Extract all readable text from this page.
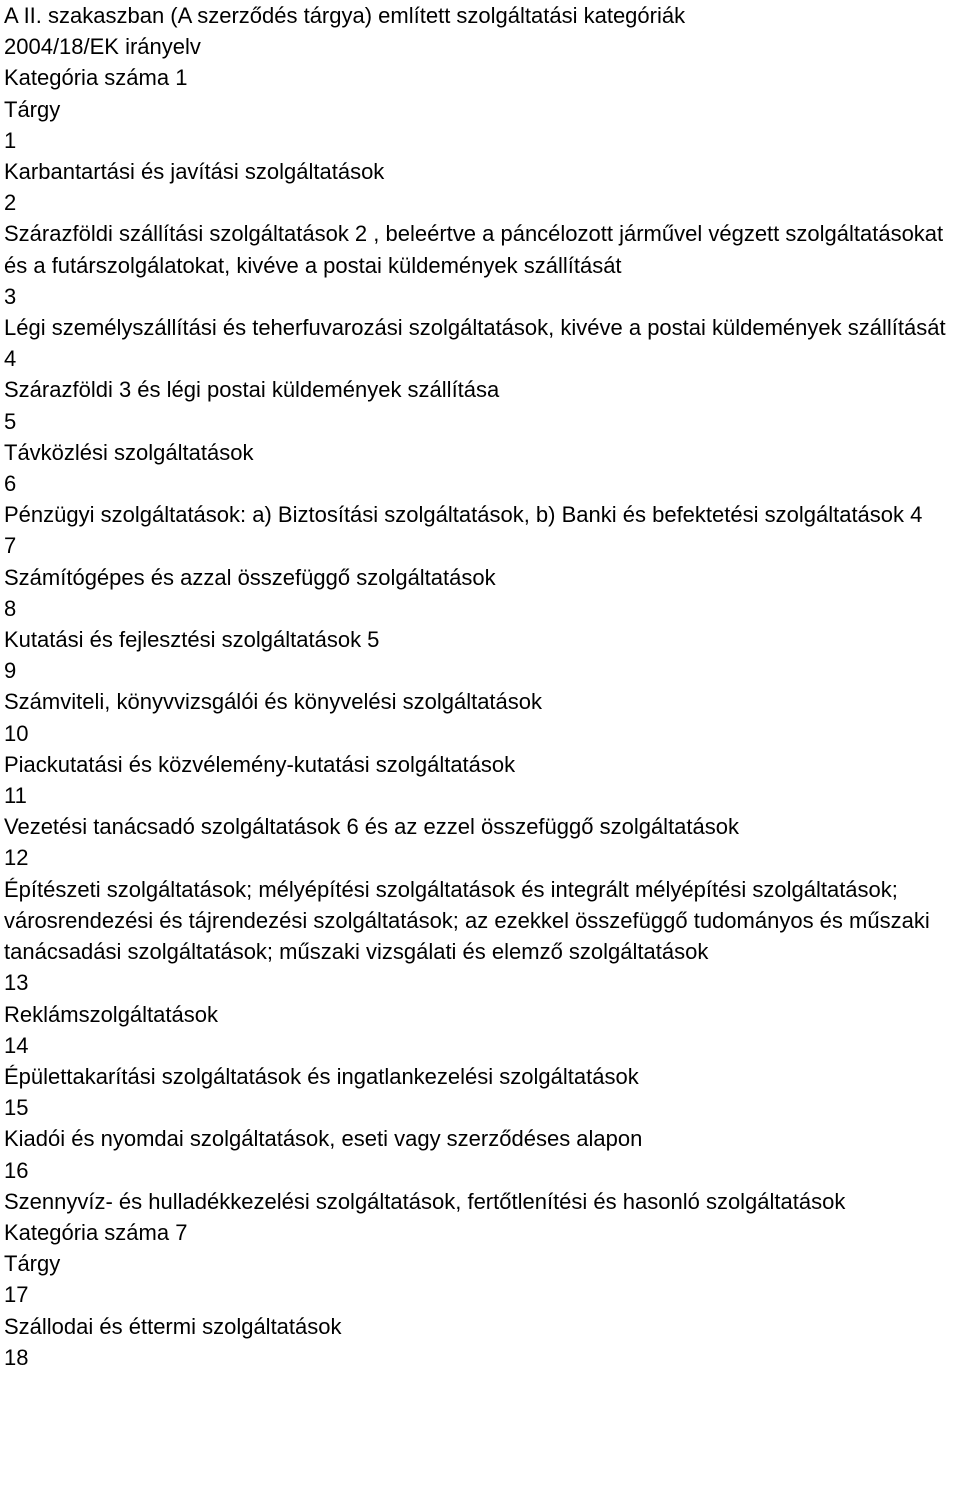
A II. szakaszban (A szerződés tárgya) említett szolgáltatási kategóriák
2004/18/EK irányelv
Kategória száma 1
Tárgy
1
Karbantartási és javítási szolgáltatások
2
Szárazföldi szállítási szolgáltatások 2 , beleértve a páncélozott járművel végzett szolgáltatásokat és a futárszolgálatokat, kivéve a postai küldemények szállítását
3
Légi személyszállítási és teherfuvarozási szolgáltatások, kivéve a postai küldemények szállítását
4
Szárazföldi 3 és légi postai küldemények szállítása
5
Távközlési szolgáltatások
6
Pénzügyi szolgáltatások: a) Biztosítási szolgáltatások, b) Banki és befektetési szolgáltatások 4
7
Számítógépes és azzal összefüggő szolgáltatások
8
Kutatási és fejlesztési szolgáltatások 5
9
Számviteli, könyvvizsgálói és könyvelési szolgáltatások
10
Piackutatási és közvélemény-kutatási szolgáltatások
11
Vezetési tanácsadó szolgáltatások 6 és az ezzel összefüggő szolgáltatások
12
Építészeti szolgáltatások; mélyépítési szolgáltatások és integrált mélyépítési szolgáltatások; városrendezési és tájrendezési szolgáltatások; az ezekkel összefüggő tudományos és műszaki tanácsadási szolgáltatások; műszaki vizsgálati és elemző szolgáltatások
13
Reklámszolgáltatások
14
Épülettakarítási szolgáltatások és ingatlankezelési szolgáltatások
15
Kiadói és nyomdai szolgáltatások, eseti vagy szerződéses alapon
16
Szennyvíz- és hulladékkezelési szolgáltatások, fertőtlenítési és hasonló szolgáltatások
Kategória száma 7
Tárgy
17
Szállodai és éttermi szolgáltatások
18
